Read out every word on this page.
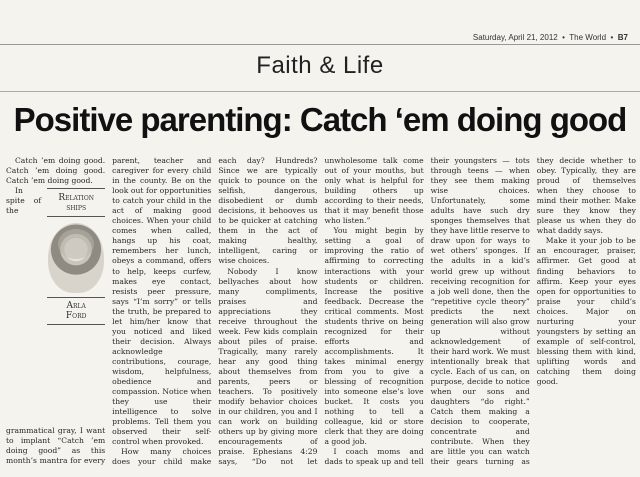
Saturday, April 21, 2012  •  The World  •  B7
Faith & Life
Positive parenting: Catch ‘em doing good

Catch ’em doing good. Catch ’em doing good. Catch ’em doing good.

Relation
ships
Arla
Ford

In spite of the grammatical gray, I want to implant “Catch ’em doing good” as this month’s mantra for every parent, teacher and caregiver for every child in the county. Be on the look out for opportunities to catch your child in the act of making good choices. When your child comes when called, hangs up his coat, remembers her lunch, obeys a command, offers to help, keeps curfew, makes eye contact, resists peer pressure, says “I’m sorry” or tells the truth, be prepared to let him/her know that you noticed and liked their decision. Always acknowledge contributions, courage, wisdom, helpfulness, obedience and compassion. Notice when they use their intelligence to solve problems. Tell them you observed their self-control when provoked.

How many choices does your child make each day? Hundreds? Since we are typically quick to pounce on the selfish, dangerous, disobedient or dumb decisions, it behooves us to be quicker at catching them in the act of making healthy, intelligent, caring or wise choices.

Nobody I know bellyaches about how many compliments, praises and appreciations they receive throughout the week. Few kids complain about piles of praise. Tragically, many rarely hear any good thing about themselves from parents, peers or teachers. To positively modify behavior choices in our children, you and I can work on building others up by giving more encouragements of praise. Ephesians 4:29 says, “Do not let unwholesome talk come out of your mouths, but only what is helpful for building others up according to their needs, that it may benefit those who listen.”

You might begin by setting a goal of improving the ratio of affirming to correcting interactions with your students or children. Increase the positive feedback. Decrease the critical comments. Most students thrive on being recognized for their efforts and accomplishments. It takes minimal energy from you to give a blessing of recognition into someone else’s love bucket. It costs you nothing to tell a colleague, kid or store clerk that they are doing a good job.

I coach moms and dads to speak up and tell their youngsters — tots through teens — when they see them making wise choices. Unfortunately, some adults have such dry sponges themselves that they have little reserve to draw upon for ways to wet others’ sponges. If the adults in a kid’s world grew up without receiving recognition for a job well done, then the “repetitive cycle theory” predicts the next generation will also grow up without acknowledgement of their hard work. We must intentionally break that cycle. Each of us can, on purpose, decide to notice when our sons and daughters “do right.” Catch them making a decision to cooperate, concentrate and contribute. When they are little you can watch their gears turning as they decide whether to obey. Typically, they are proud of themselves when they choose to mind their mother. Make sure they know they please us when they do what daddy says.

Make it your job to be an encourager, praiser, affirmer. Get good at finding behaviors to affirm. Keep your eyes open for opportunities to praise your child’s choices. Major on nurturing your youngsters by setting an example of self-control, blessing them with kind, uplifting words and catching them doing good.
